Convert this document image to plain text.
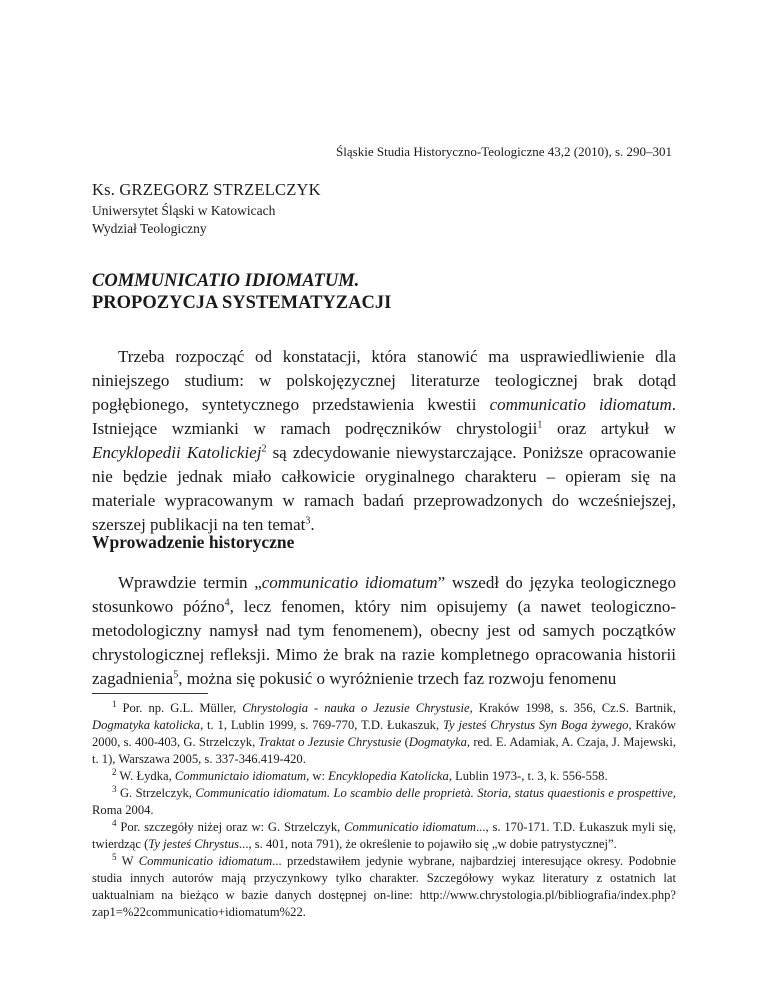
Śląskie Studia Historyczno-Teologiczne 43,2 (2010), s. 290–301

Ks. GRZEGORZ STRZELCZYK

Uniwersytet Śląski w Katowicach

Wydział Teologiczny

COMMUNICATIO IDIOMATUM.

PROPOZYCJA SYSTEMATYZACJI

Trzeba rozpocząć od konstatacji, która stanowić ma usprawiedliwienie dla niniejszego studium: w polskojęzycznej literaturze teologicznej brak dotąd pogłębionego, syntetycznego przedstawienia kwestii communicatio idiomatum. Istniejące wzmianki w ramach podręczników chrystologii$^1$ oraz artykuł w Encyklopedii Katolickiej$^2$ są zdecydowanie niewystarczające. Poniższe opracowanie nie będzie jednak miało całkowicie oryginalnego charakteru – opieram się na materiale wypracowanym w ramach badań przeprowadzonych do wcześniejszej, szerszej publikacji na ten temat$^3$.

Wprowadzenie historyczne

Wprawdzie termin „communicatio idiomatum” wszedł do języka teologicznego stosunkowo późno$^4$, lecz fenomen, który nim opisujemy (a nawet teologiczno-metodologiczny namysł nad tym fenomenem), obecny jest od samych początków chrystologicznej refleksji. Mimo że brak na razie kompletnego opracowania historii zagadnienia$^5$, można się pokusić o wyróżnienie trzech faz rozwoju fenomenu

$^1$ Por. np. G.L. Müller, Chrystologia - nauka o Jezusie Chrystusie, Kraków 1998, s. 356, Cz.S. Bartnik, Dogmatyka katolicka, t. 1, Lublin 1999, s. 769-770, T.D. Łukaszuk, Ty jesteś Chrystus Syn Boga żywego, Kraków 2000, s. 400-403, G. Strzelczyk, Traktat o Jezusie Chrystusie (Dogmatyka, red. E. Adamiak, A. Czaja, J. Majewski, t. 1), Warszawa 2005, s. 337-346.419-420.

$^2$ W. Łydka, Communictaio idiomatum, w: Encyklopedia Katolicka, Lublin 1973-, t. 3, k. 556-558.

$^3$ G. Strzelczyk, Communicatio idiomatum. Lo scambio delle proprietà. Storia, status quaestionis e prospettive, Roma 2004.

$^4$ Por. szczegóły niżej oraz w: G. Strzelczyk, Communicatio idiomatum..., s. 170-171. T.D. Łukaszuk myli się, twierdząc (Ty jesteś Chrystus..., s. 401, nota 791), że określenie to pojawiło się „w dobie patrystycznej”.

$^5$ W Communicatio idiomatum... przedstawiłem jedynie wybrane, najbardziej interesujące okresy. Podobnie studia innych autorów mają przyczynkowy tylko charakter. Szczegółowy wykaz literatury z ostatnich lat uaktualniam na bieżąco w bazie danych dostępnej on-line: http://www.chrystologia.pl/bibliografia/index.php?zap1=%22communicatio+idiomatum%22.
